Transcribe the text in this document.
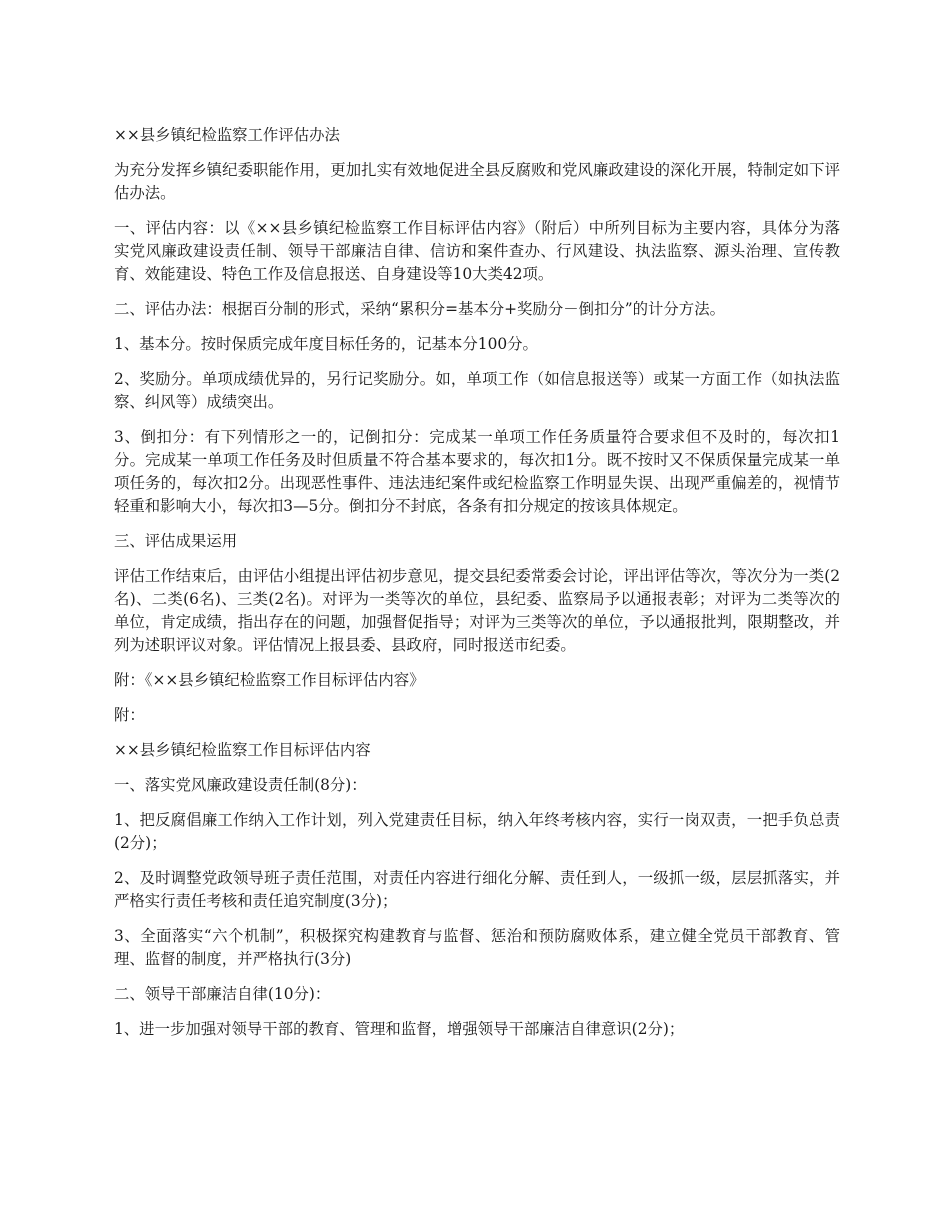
××县乡镇纪检监察工作评估办法

为充分发挥乡镇纪委职能作用，更加扎实有效地促进全县反腐败和党风廉政建设的深化开展，特制定如下评估办法。

一、评估内容：以《××县乡镇纪检监察工作目标评估内容》（附后）中所列目标为主要内容，具体分为落实党风廉政建设责任制、领导干部廉洁自律、信访和案件查办、行风建设、执法监察、源头治理、宣传教育、效能建设、特色工作及信息报送、自身建设等10大类42项。

二、评估办法：根据百分制的形式，采纳“累积分=基本分+奖励分－倒扣分”的计分方法。

1、基本分。按时保质完成年度目标任务的，记基本分100分。

2、奖励分。单项成绩优异的，另行记奖励分。如，单项工作（如信息报送等）或某一方面工作（如执法监察、纠风等）成绩突出。

3、倒扣分：有下列情形之一的，记倒扣分：完成某一单项工作任务质量符合要求但不及时的，每次扣1分。完成某一单项工作任务及时但质量不符合基本要求的，每次扣1分。既不按时又不保质保量完成某一单项任务的，每次扣2分。出现恶性事件、违法违纪案件或纪检监察工作明显失误、出现严重偏差的，视情节轻重和影响大小，每次扣3—5分。倒扣分不封底，各条有扣分规定的按该具体规定。

三、评估成果运用

评估工作结束后，由评估小组提出评估初步意见，提交县纪委常委会讨论，评出评估等次，等次分为一类(2名)、二类(6名)、三类(2名)。对评为一类等次的单位，县纪委、监察局予以通报表彰；对评为二类等次的单位，肯定成绩，指出存在的问题，加强督促指导；对评为三类等次的单位，予以通报批判，限期整改，并列为述职评议对象。评估情况上报县委、县政府，同时报送市纪委。

附：《××县乡镇纪检监察工作目标评估内容》

附：

××县乡镇纪检监察工作目标评估内容

一、落实党风廉政建设责任制(8分)：

1、把反腐倡廉工作纳入工作计划，列入党建责任目标，纳入年终考核内容，实行一岗双责，一把手负总责(2分)；

2、及时调整党政领导班子责任范围，对责任内容进行细化分解、责任到人，一级抓一级，层层抓落实，并严格实行责任考核和责任追究制度(3分)；

3、全面落实“六个机制”，积极探究构建教育与监督、惩治和预防腐败体系，建立健全党员干部教育、管理、监督的制度，并严格执行(3分)

二、领导干部廉洁自律(10分)：

1、进一步加强对领导干部的教育、管理和监督，增强领导干部廉洁自律意识(2分)；
